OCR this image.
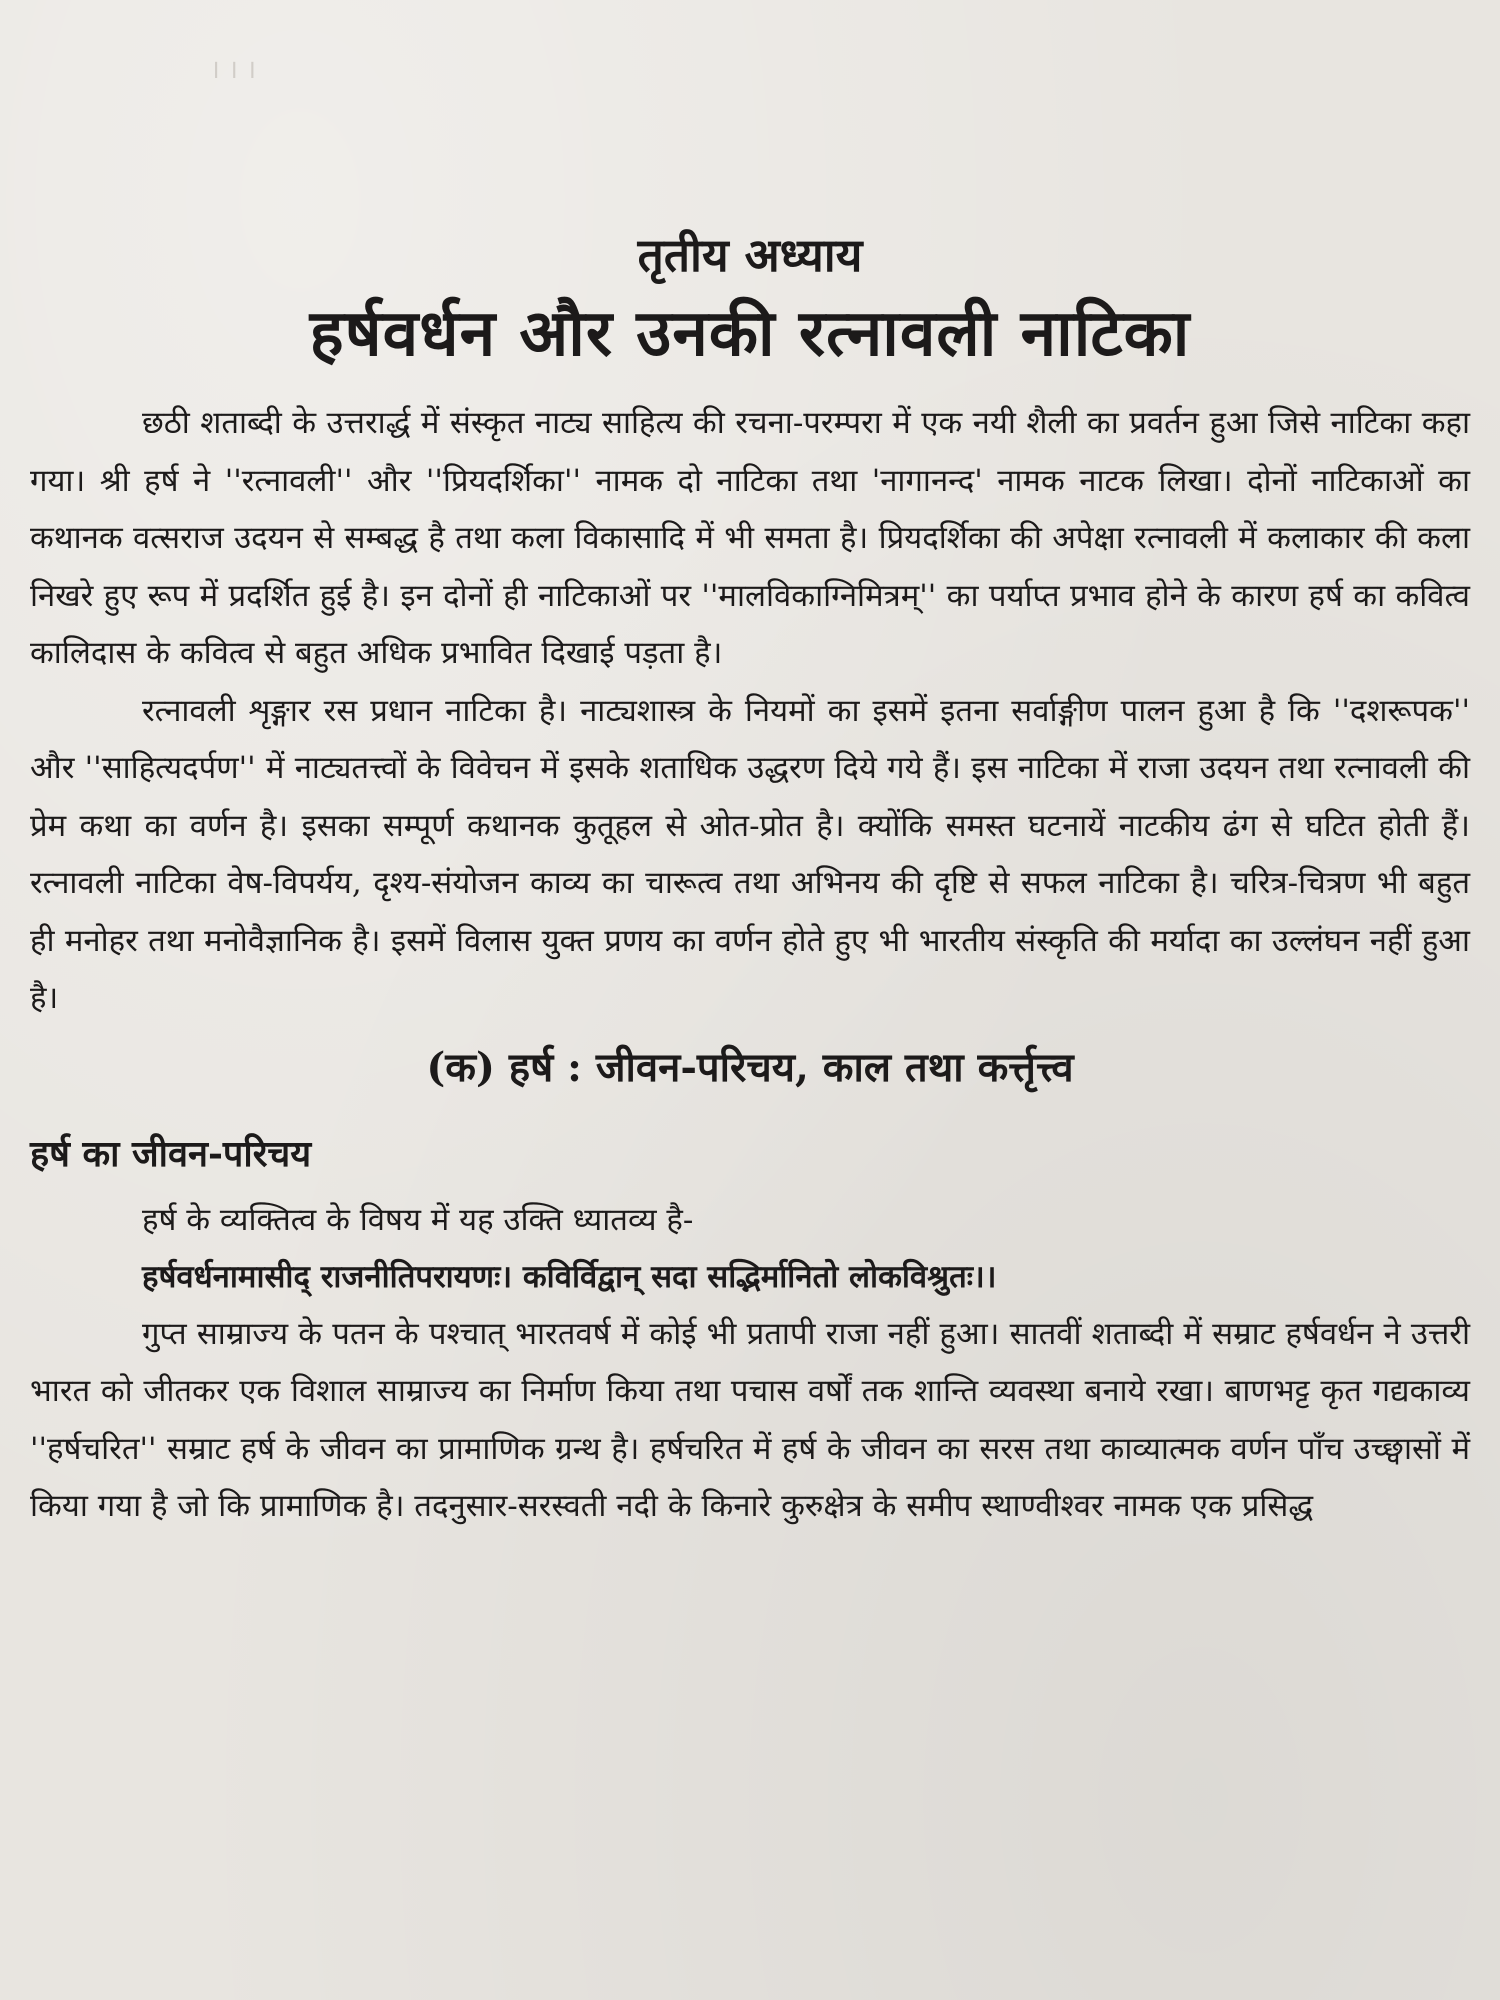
। । ।
तृतीय अध्याय
हर्षवर्धन और उनकी रत्नावली नाटिका

छठी शताब्दी के उत्तरार्द्ध में संस्कृत नाट्य साहित्य की रचना-परम्परा में एक नयी शैली का प्रवर्तन हुआ जिसे नाटिका कहा गया। श्री हर्ष ने ''रत्नावली'' और ''प्रियदर्शिका'' नामक दो नाटिका तथा 'नागानन्द' नामक नाटक लिखा। दोनों नाटिकाओं का कथानक वत्सराज उदयन से सम्बद्ध है तथा कला विकासादि में भी समता है। प्रियदर्शिका की अपेक्षा रत्नावली में कलाकार की कला निखरे हुए रूप में प्रदर्शित हुई है। इन दोनों ही नाटिकाओं पर ''मालविकाग्निमित्रम्'' का पर्याप्त प्रभाव होने के कारण हर्ष का कवित्व कालिदास के कवित्व से बहुत अधिक प्रभावित दिखाई पड़ता है।

रत्नावली शृङ्गार रस प्रधान नाटिका है। नाट्यशास्त्र के नियमों का इसमें इतना सर्वाङ्गीण पालन हुआ है कि ''दशरूपक'' और ''साहित्यदर्पण'' में नाट्यतत्त्वों के विवेचन में इसके शताधिक उद्धरण दिये गये हैं। इस नाटिका में राजा उदयन तथा रत्नावली की प्रेम कथा का वर्णन है। इसका सम्पूर्ण कथानक कुतूहल से ओत-प्रोत है। क्योंकि समस्त घटनायें नाटकीय ढंग से घटित होती हैं। रत्नावली नाटिका वेष-विपर्यय, दृश्य-संयोजन काव्य का चारूत्व तथा अभिनय की दृष्टि से सफल नाटिका है। चरित्र-चित्रण भी बहुत ही मनोहर तथा मनोवैज्ञानिक है। इसमें विलास युक्त प्रणय का वर्णन होते हुए भी भारतीय संस्कृति की मर्यादा का उल्लंघन नहीं हुआ है।

(क) हर्ष : जीवन-परिचय, काल तथा कर्त्तृत्त्व
हर्ष का जीवन-परिचय

हर्ष के व्यक्तित्व के विषय में यह उक्ति ध्यातव्य है-

हर्षवर्धनामासीद् राजनीतिपरायणः। कविर्विद्वान् सदा सद्भिर्मानितो लोकविश्रुतः।।

गुप्त साम्राज्य के पतन के पश्चात् भारतवर्ष में कोई भी प्रतापी राजा नहीं हुआ। सातवीं शताब्दी में सम्राट हर्षवर्धन ने उत्तरी भारत को जीतकर एक विशाल साम्राज्य का निर्माण किया तथा पचास वर्षों तक शान्ति व्यवस्था बनाये रखा। बाणभट्ट कृत गद्यकाव्य ''हर्षचरित'' सम्राट हर्ष के जीवन का प्रामाणिक ग्रन्थ है। हर्षचरित में हर्ष के जीवन का सरस तथा काव्यात्मक वर्णन पाँच उच्छ्वासों में किया गया है जो कि प्रामाणिक है। तदनुसार-सरस्वती नदी के किनारे कुरुक्षेत्र के समीप स्थाण्वीश्वर नामक एक प्रसिद्ध
